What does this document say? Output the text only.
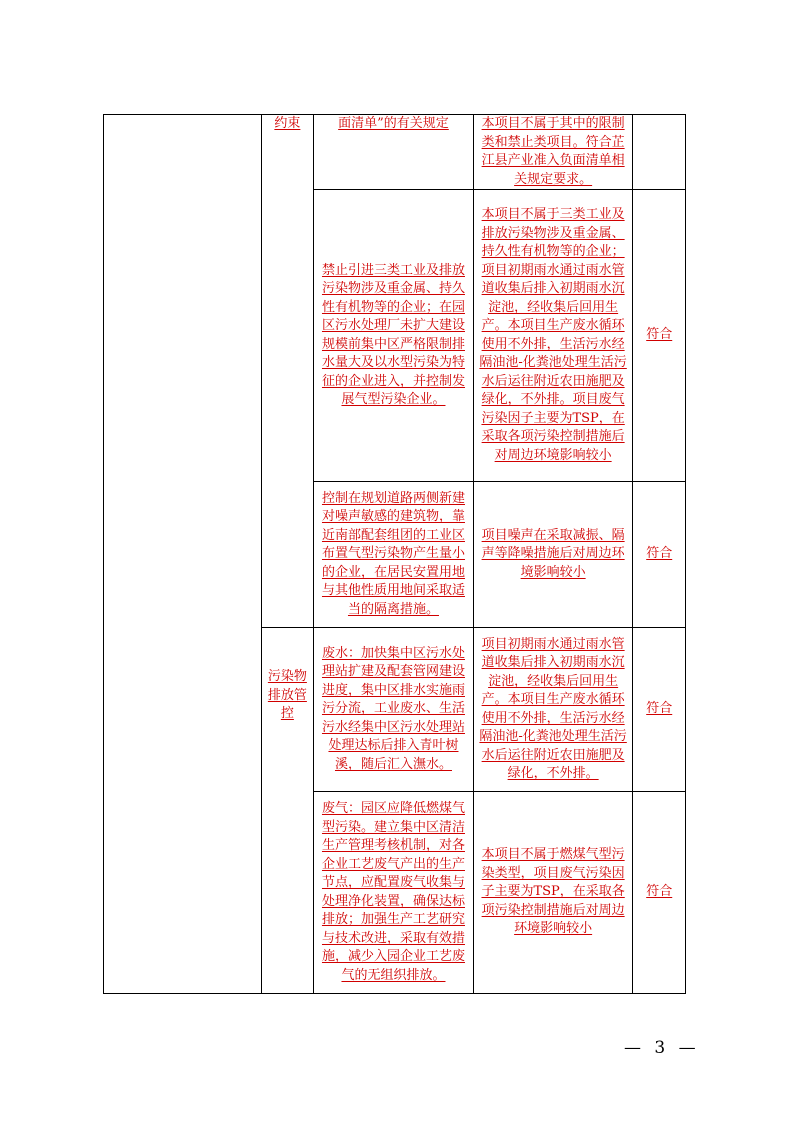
	约束	面清单”的有关规定	本项目不属于其中的限制类和禁止类项目。符合芷江县产业准入负面清单相关规定要求。	
		禁止引进三类工业及排放污染物涉及重金属、持久性有机物等的企业；在园区污水处理厂未扩大建设规模前集中区严格限制排水量大及以水型污染为特征的企业进入，并控制发展气型污染企业。	本项目不属于三类工业及排放污染物涉及重金属、持久性有机物等的企业；项目初期雨水通过雨水管道收集后排入初期雨水沉淀池，经收集后回用生产。本项目生产废水循环使用不外排，生活污水经隔油池-化粪池处理生活污水后运往附近农田施肥及绿化，不外排。项目废气污染因子主要为TSP，在采取各项污染控制措施后对周边环境影响较小	符合
		控制在规划道路两侧新建对噪声敏感的建筑物，靠近南部配套组团的工业区布置气型污染物产生量小的企业，在居民安置用地与其他性质用地间采取适当的隔离措施。	项目噪声在采取减振、隔声等降噪措施后对周边环境影响较小	符合
	污染物排放管控	废水：加快集中区污水处理站扩建及配套管网建设进度，集中区排水实施雨污分流，工业废水、生活污水经集中区污水处理站处理达标后排入青叶树溪，随后汇入潕水。	项目初期雨水通过雨水管道收集后排入初期雨水沉淀池，经收集后回用生产。本项目生产废水循环使用不外排，生活污水经隔油池-化粪池处理生活污水后运往附近农田施肥及绿化，不外排。	符合
		废气：园区应降低燃煤气型污染。建立集中区清洁生产管理考核机制，对各企业工艺废气产出的生产节点，应配置废气收集与处理净化装置，确保达标排放；加强生产工艺研究与技术改进，采取有效措施，减少入园企业工艺废气的无组织排放。	本项目不属于燃煤气型污染类型，项目废气污染因子主要为TSP，在采取各项污染控制措施后对周边环境影响较小	符合
— 3 —
